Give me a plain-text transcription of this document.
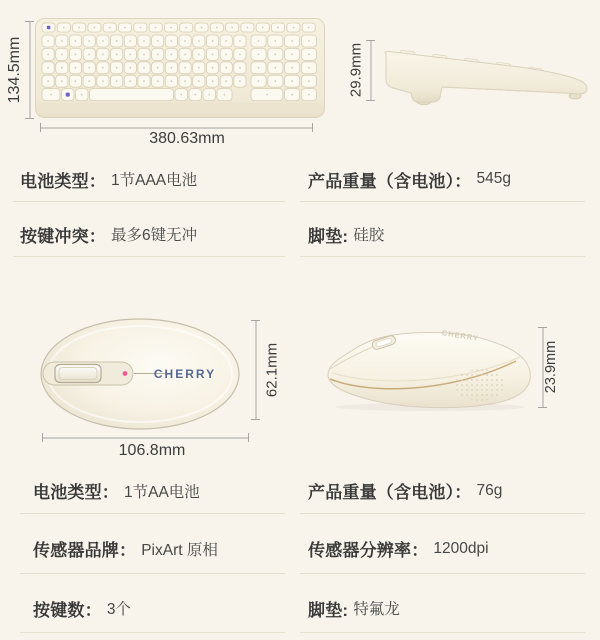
134.5mm
380.63mm
29.9mm
电池类型： 1节AAA电池	产品重量（含电池）： 545g
按键冲突： 最多6键无冲	脚垫: 硅胶
CHERRY	62.1mm
106.8mm
CHERRY
23.9mm
电池类型： 1节AA电池	产品重量（含电池）： 76g
传感器品牌： PixArt 原相	传感器分辨率： 1200dpi
按键数： 3个	脚垫: 特氟龙
